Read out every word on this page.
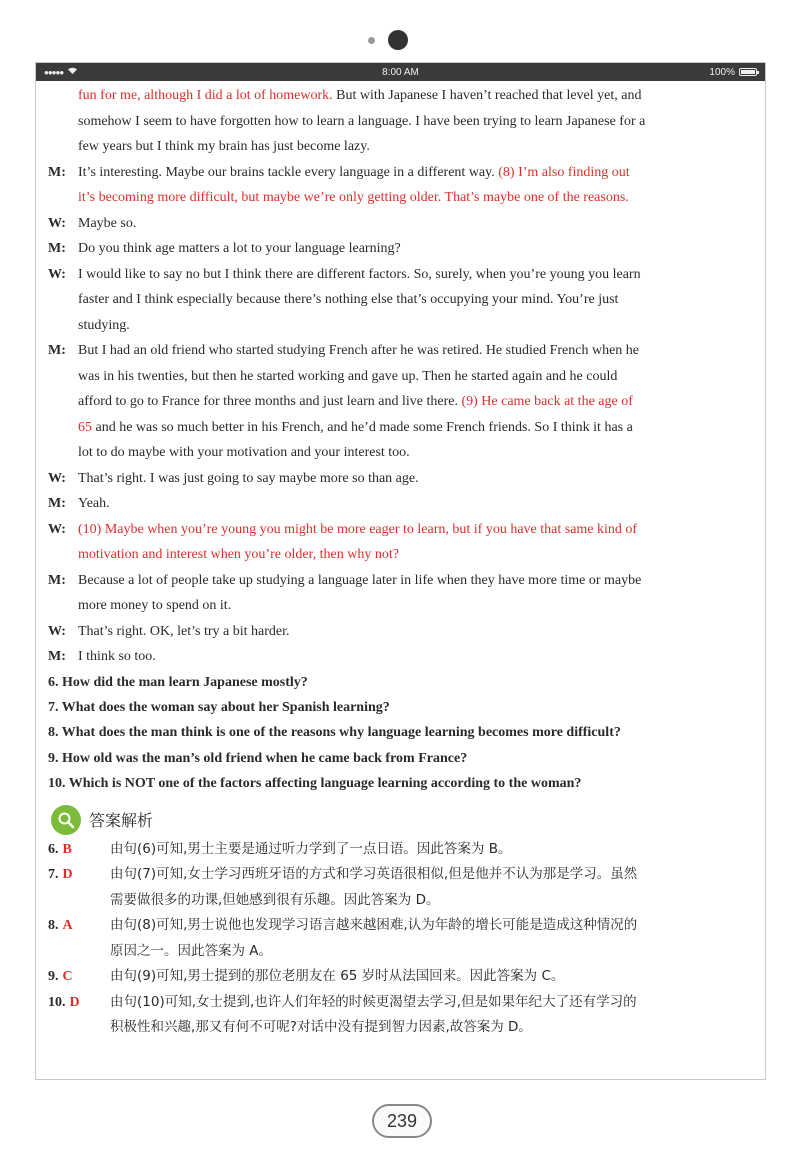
●●●●●	8:00 AM	100%
fun for me, although I did a lot of homework. But with Japanese I haven’t reached that level yet, and
somehow I seem to have forgotten how to learn a language. I have been trying to learn Japanese for a
few years but I think my brain has just become lazy.
M: It’s interesting. Maybe our brains tackle every language in a different way. (8) I’m also finding out
it’s becoming more difficult, but maybe we’re only getting older. That’s maybe one of the reasons.
W: Maybe so.
M: Do you think age matters a lot to your language learning?
W: I would like to say no but I think there are different factors. So, surely, when you’re young you learn
faster and I think especially because there’s nothing else that’s occupying your mind. You’re just
studying.
M: But I had an old friend who started studying French after he was retired. He studied French when he
was in his twenties, but then he started working and gave up. Then he started again and he could
afford to go to France for three months and just learn and live there. (9) He came back at the age of
65 and he was so much better in his French, and he’d made some French friends. So I think it has a
lot to do maybe with your motivation and your interest too.
W: That’s right. I was just going to say maybe more so than age.
M: Yeah.
W: (10) Maybe when you’re young you might be more eager to learn, but if you have that same kind of
motivation and interest when you’re older, then why not?
M: Because a lot of people take up studying a language later in life when they have more time or maybe
more money to spend on it.
W: That’s right. OK, let’s try a bit harder.
M: I think so too.
6. How did the man learn Japanese mostly?
7. What does the woman say about her Spanish learning?
8. What does the man think is one of the reasons why language learning becomes more difficult?
9. How old was the man’s old friend when he came back from France?
10. Which is NOT one of the factors affecting language learning according to the woman?
答案解析
6. B	由句(6)可知,男士主要是通过听力学到了一点日语。因此答案为 B。
7. D	由句(7)可知,女士学习西班牙语的方式和学习英语很相似,但是他并不认为那是学习。虽然
需要做很多的功课,但她感到很有乐趣。因此答案为 D。
8. A	由句(8)可知,男士说他也发现学习语言越来越困难,认为年龄的增长可能是造成这种情况的
原因之一。因此答案为 A。
9. C	由句(9)可知,男士提到的那位老朋友在 65 岁时从法国回来。因此答案为 C。
10. D 由句(10)可知,女士提到,也许人们年轻的时候更渴望去学习,但是如果年纪大了还有学习的
积极性和兴趣,那又有何不可呢?对话中没有提到智力因素,故答案为 D。
239
